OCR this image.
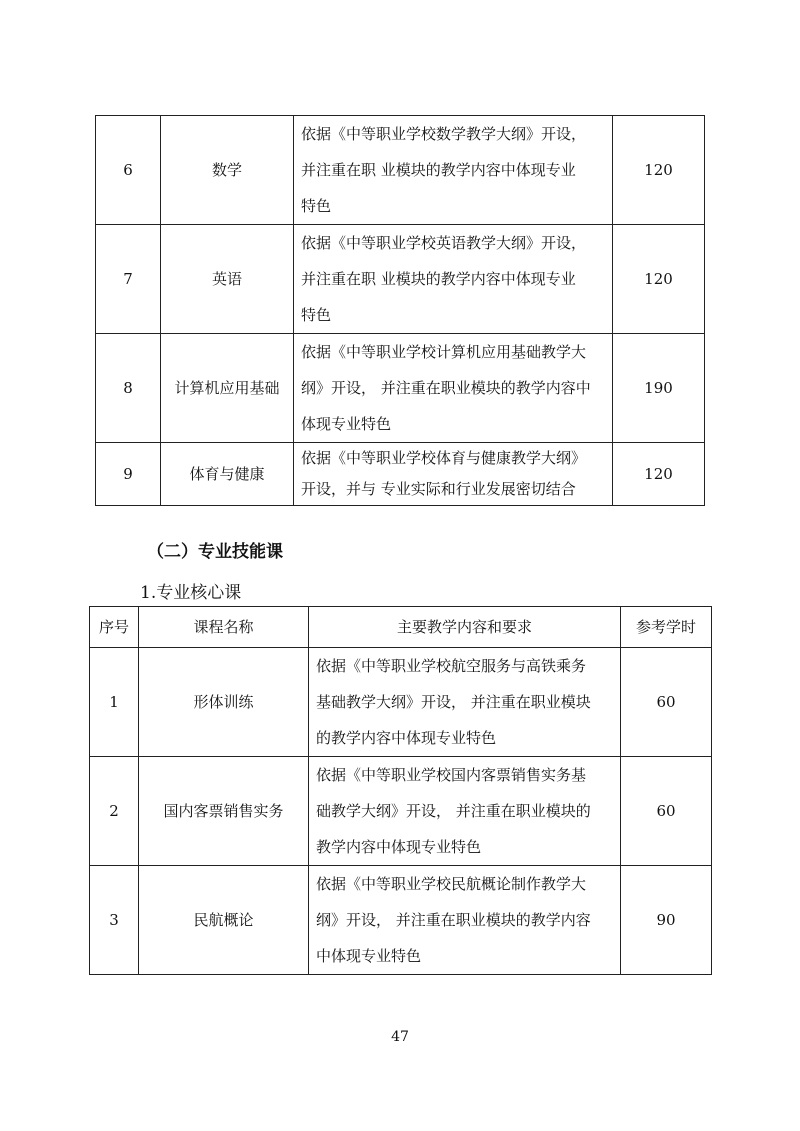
6	数学	依据《中等职业学校数学教学大纲》开设，
并注重在职 业模块的教学内容中体现专业
特色	120
7	英语	依据《中等职业学校英语教学大纲》开设，
并注重在职 业模块的教学内容中体现专业
特色	120
8	计算机应用基础	依据《中等职业学校计算机应用基础教学大
纲》开设， 并注重在职业模块的教学内容中
体现专业特色	190
9	体育与健康	依据《中等职业学校体育与健康教学大纲》
开设，并与 专业实际和行业发展密切结合	120
（二）专业技能课
1.专业核心课
序号	课程名称	主要教学内容和要求	参考学时
1	形体训练	依据《中等职业学校航空服务与高铁乘务
基础教学大纲》开设， 并注重在职业模块
的教学内容中体现专业特色	60
2	国内客票销售实务	依据《中等职业学校国内客票销售实务基
础教学大纲》开设， 并注重在职业模块的
教学内容中体现专业特色	60
3	民航概论	依据《中等职业学校民航概论制作教学大
纲》开设， 并注重在职业模块的教学内容
中体现专业特色	90
47
